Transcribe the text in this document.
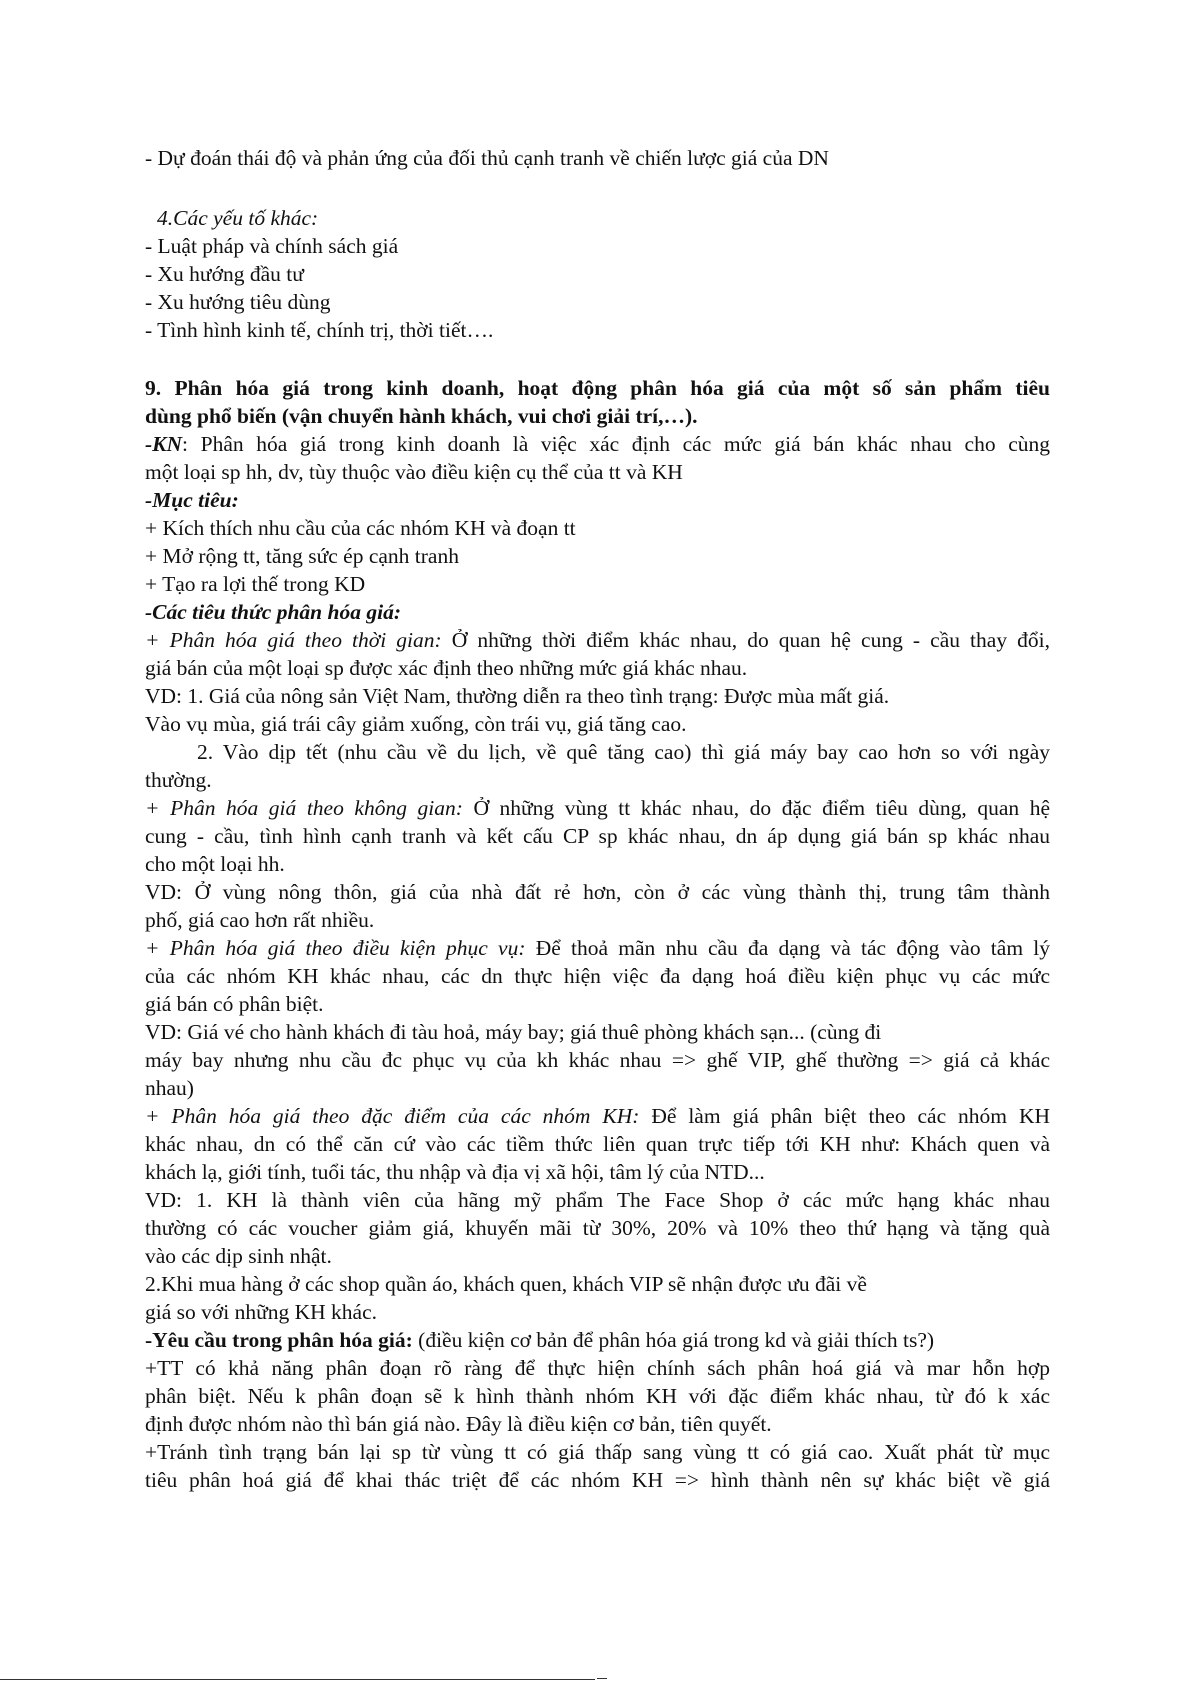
- Dự đoán thái độ và phản ứng của đối thủ cạnh tranh về chiến lược giá của DN
4.Các yếu tố khác:
- Luật pháp và chính sách giá
- Xu hướng đầu tư
- Xu hướng tiêu dùng
- Tình hình kinh tế, chính trị, thời tiết….
9. Phân hóa giá trong kinh doanh, hoạt động phân hóa giá của một số sản phẩm tiêu
dùng phổ biến (vận chuyển hành khách, vui chơi giải trí,…).
-KN: Phân hóa giá trong kinh doanh là việc xác định các mức giá bán khác nhau cho cùng
một loại sp hh, dv, tùy thuộc vào điều kiện cụ thể của tt và KH
-Mục tiêu:
+ Kích thích nhu cầu của các nhóm KH và đoạn tt
+ Mở rộng tt, tăng sức ép cạnh tranh
+ Tạo ra lợi thế trong KD
-Các tiêu thức phân hóa giá:
+ Phân hóa giá theo thời gian: Ở những thời điểm khác nhau, do quan hệ cung - cầu thay đổi,
giá bán của một loại sp được xác định theo những mức giá khác nhau.
VD: 1. Giá của nông sản Việt Nam, thường diễn ra theo tình trạng: Được mùa mất giá.
Vào vụ mùa, giá trái cây giảm xuống, còn trái vụ, giá tăng cao.
2. Vào dịp tết (nhu cầu về du lịch, về quê tăng cao) thì giá máy bay cao hơn so với ngày
thường.
+ Phân hóa giá theo không gian: Ở những vùng tt khác nhau, do đặc điểm tiêu dùng, quan hệ
cung - cầu, tình hình cạnh tranh và kết cấu CP sp khác nhau, dn áp dụng giá bán sp khác nhau
cho một loại hh.
VD: Ở vùng nông thôn, giá của nhà đất rẻ hơn, còn ở các vùng thành thị, trung tâm thành
phố, giá cao hơn rất nhiều.
+ Phân hóa giá theo điều kiện phục vụ: Để thoả mãn nhu cầu đa dạng và tác động vào tâm lý
của các nhóm KH khác nhau, các dn thực hiện việc đa dạng hoá điều kiện phục vụ các mức
giá bán có phân biệt.
VD: Giá vé cho hành khách đi tàu hoả, máy bay; giá thuê phòng khách sạn... (cùng đi
máy bay nhưng nhu cầu đc phục vụ của kh khác nhau => ghế VIP, ghế thường => giá cả khác
nhau)
+ Phân hóa giá theo đặc điểm của các nhóm KH: Để làm giá phân biệt theo các nhóm KH
khác nhau, dn có thể căn cứ vào các tiềm thức liên quan trực tiếp tới KH như: Khách quen và
khách lạ, giới tính, tuổi tác, thu nhập và địa vị xã hội, tâm lý của NTD...
VD: 1. KH là thành viên của hãng mỹ phẩm The Face Shop ở các mức hạng khác nhau
thường có các voucher giảm giá, khuyến mãi từ 30%, 20% và 10% theo thứ hạng và tặng quà
vào các dịp sinh nhật.
2.Khi mua hàng ở các shop quần áo, khách quen, khách VIP sẽ nhận được ưu đãi về
giá so với những KH khác.
-Yêu cầu trong phân hóa giá: (điều kiện cơ bản để phân hóa giá trong kd và giải thích ts?)
+TT có khả năng phân đoạn rõ ràng để thực hiện chính sách phân hoá giá và mar hỗn hợp
phân biệt. Nếu k phân đoạn sẽ k hình thành nhóm KH với đặc điểm khác nhau, từ đó k xác
định được nhóm nào thì bán giá nào. Đây là điều kiện cơ bản, tiên quyết.
+Tránh tình trạng bán lại sp từ vùng tt có giá thấp sang vùng tt có giá cao. Xuất phát từ mục
tiêu phân hoá giá để khai thác triệt để các nhóm KH => hình thành nên sự khác biệt về giá
